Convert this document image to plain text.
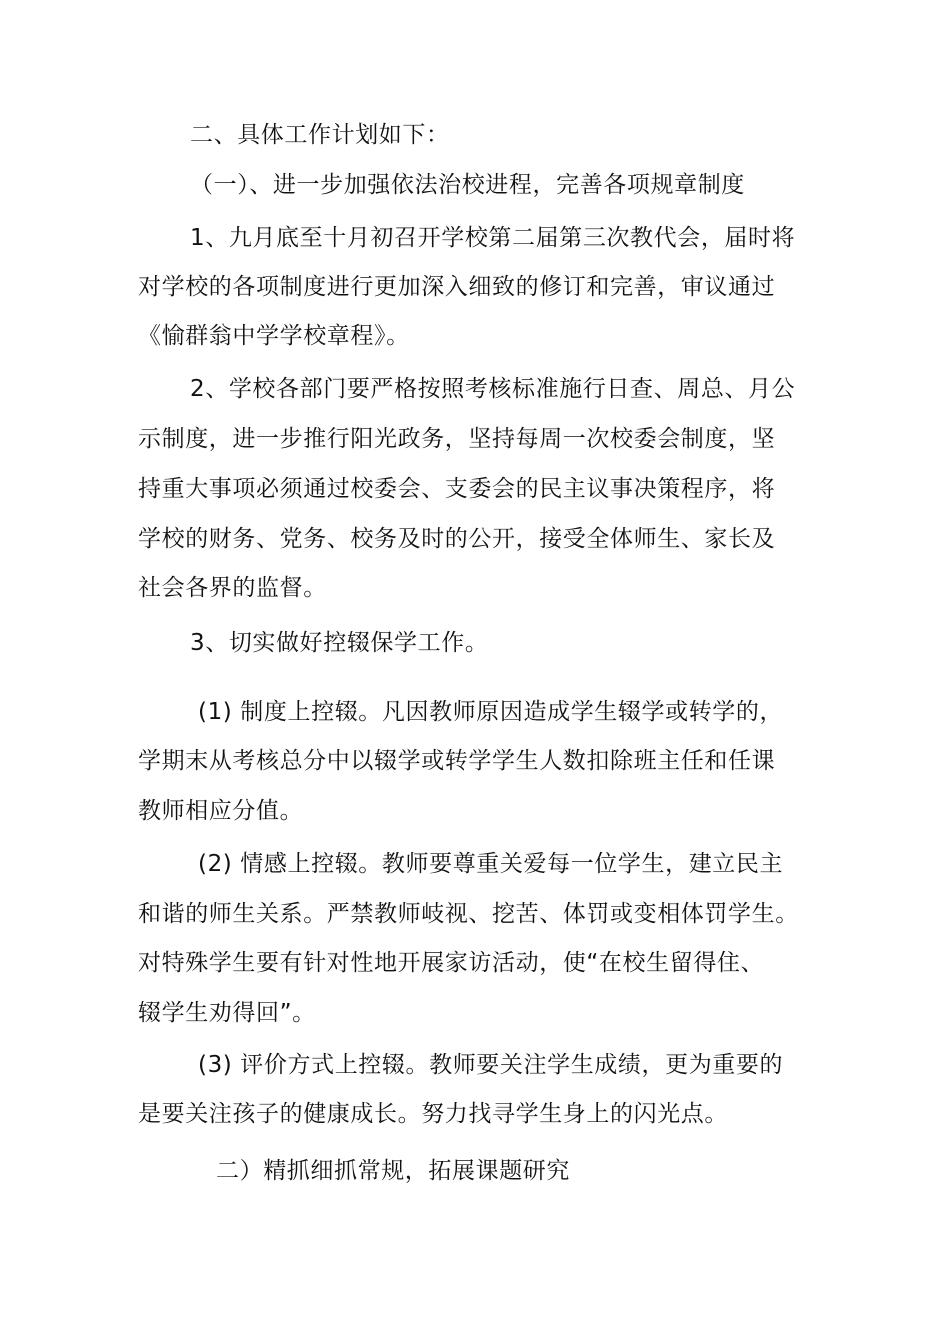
二、具体工作计划如下：
（一）、进一步加强依法治校进程，完善各项规章制度
1、九月底至十月初召开学校第二届第三次教代会，届时将
对学校的各项制度进行更加深入细致的修订和完善，审议通过
《愉群翁中学学校章程》。
2、学校各部门要严格按照考核标准施行日查、周总、月公
示制度，进一步推行阳光政务，坚持每周一次校委会制度，坚
持重大事项必须通过校委会、支委会的民主议事决策程序，将
学校的财务、党务、校务及时的公开，接受全体师生、家长及
社会各界的监督。
3、切实做好控辍保学工作。
(1) 制度上控辍。凡因教师原因造成学生辍学或转学的，
学期末从考核总分中以辍学或转学学生人数扣除班主任和任课
教师相应分值。
(2) 情感上控辍。教师要尊重关爱每一位学生，建立民主
和谐的师生关系。严禁教师岐视、挖苦、体罚或变相体罚学生。
对特殊学生要有针对性地开展家访活动，使“在校生留得住、
辍学生劝得回”。
(3) 评价方式上控辍。教师要关注学生成绩，更为重要的
是要关注孩子的健康成长。努力找寻学生身上的闪光点。
二）精抓细抓常规，拓展课题研究
